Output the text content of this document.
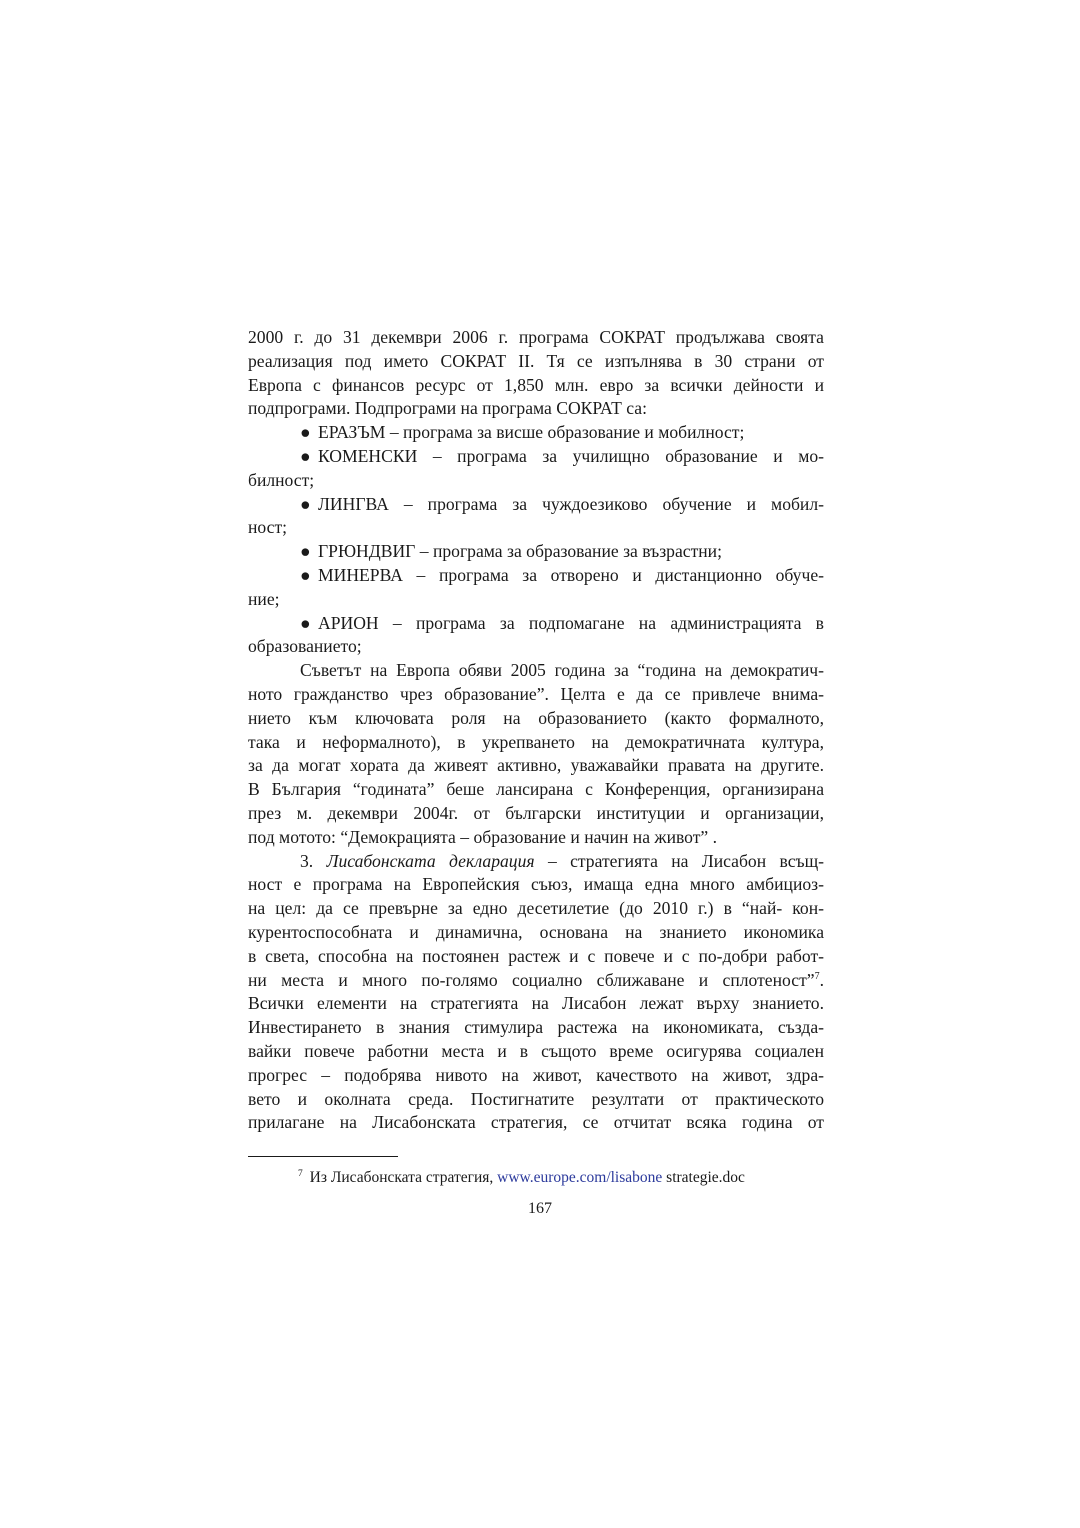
2000 г. до 31 декември 2006 г. програма СОКРАТ продължава своята
реализация под името СОКРАТ II. Тя се изпълнява в 30 страни от
Европа с финансов ресурс от 1,850 млн. евро за всички дейности и
подпрограми. Подпрограми на програма СОКРАТ са:
● ЕРАЗЪМ – програма за висше образование и мобилност;
● КОМЕНСКИ – програма за училищно образование и мо-
билност;
● ЛИНГВА – програма за чуждоезиково обучение и мобил-
ност;
● ГРЮНДВИГ – програма за образование за възрастни;
● МИНЕРВА – програма за отворено и дистанционно обуче-
ние;
● АРИОН – програма за подпомагане на администрацията в
образованието;
Съветът на Европа обяви 2005 година за “година на демократич-
ното гражданство чрез образование”. Целта е да се привлече внима-
нието към ключовата роля на образованието (както формалното,
така и неформалното), в укрепването на демократичната култура,
за да могат хората да живеят активно, уважавайки правата на другите.
В България “годината” беше лансирана с Конференция, организирана
през м. декември 2004г. от български институции и организации,
под мотото: “Демокрацията – образование и начин на живот” .
3. Лисабонската декларация – стратегията на Лисабон всъщ-
ност е програма на Европейския съюз, имаща една много амбициоз-
на цел: да се превърне за едно десетилетие (до 2010 г.) в “най- кон-
курентоспособната и динамична, основана на знанието икономика
в света, способна на постоянен растеж и с повече и с по-добри работ-
ни места и много по-голямо социално сближаване и сплотеност”$^7$.
Всички елементи на стратегията на Лисабон лежат върху знанието.
Инвестирането в знания стимулира растежа на икономиката, създа-
вайки повече работни места и в същото време осигурява социален
прогрес – подобрява нивото на живот, качеството на живот, здра-
вето и околната среда. Постигнатите резултати от практическото
прилагане на Лисабонската стратегия, се отчитат всяка година от
$^7$ Из Лисабонската стратегия, www.europe.com/lisabone strategie.doc
167
